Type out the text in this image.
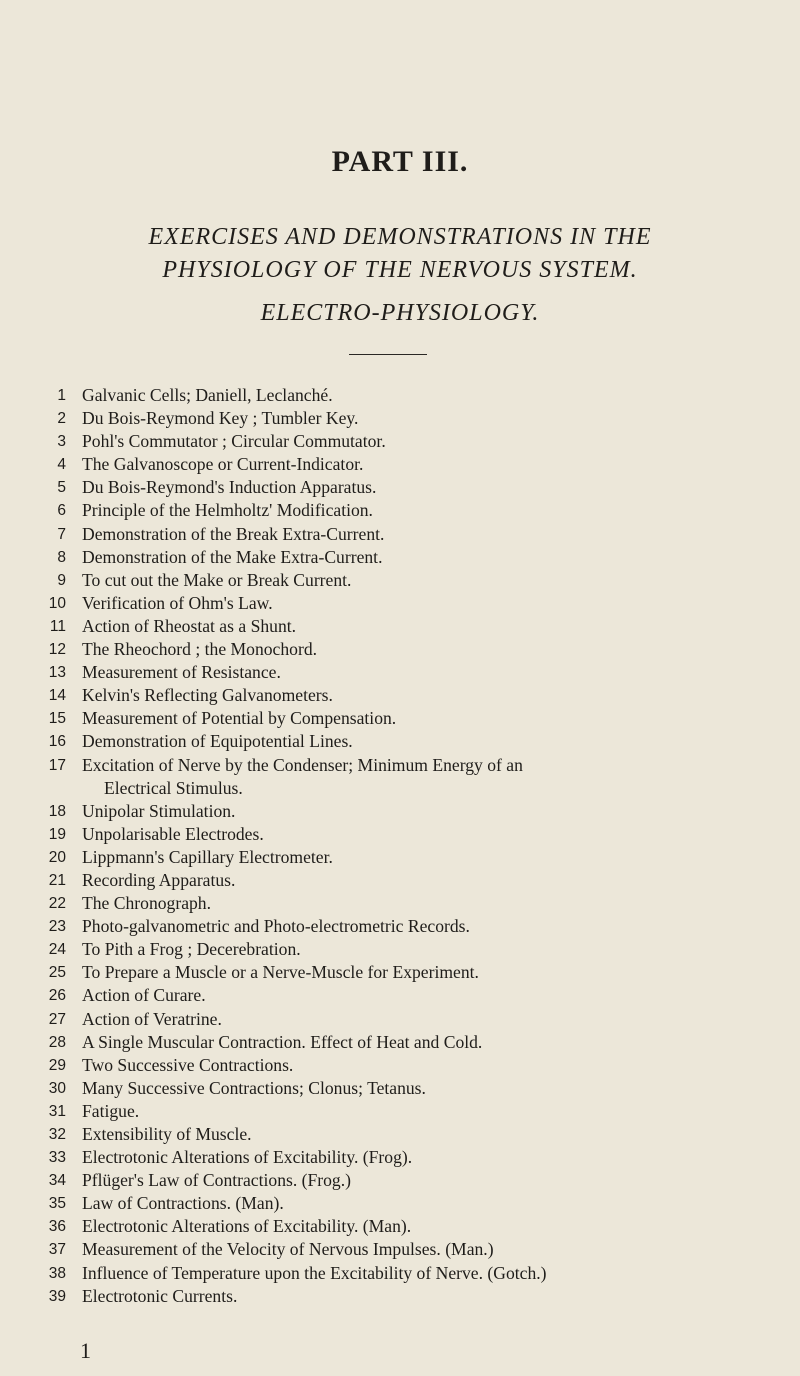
PART III.
EXERCISES AND DEMONSTRATIONS IN THE
PHYSIOLOGY OF THE NERVOUS SYSTEM.
ELECTRO-PHYSIOLOGY.
1 Galvanic Cells; Daniell, Leclanché.
2 Du Bois-Reymond Key ; Tumbler Key.
3 Pohl's Commutator ; Circular Commutator.
4 The Galvanoscope or Current-Indicator.
5 Du Bois-Reymond's Induction Apparatus.
6 Principle of the Helmholtz' Modification.
7 Demonstration of the Break Extra-Current.
8 Demonstration of the Make Extra-Current.
9 To cut out the Make or Break Current.
10 Verification of Ohm's Law.
11 Action of Rheostat as a Shunt.
12 The Rheochord ; the Monochord.
13 Measurement of Resistance.
14 Kelvin's Reflecting Galvanometers.
15 Measurement of Potential by Compensation.
16 Demonstration of Equipotential Lines.
17 Excitation of Nerve by the Condenser; Minimum Energy of an
Electrical Stimulus.
18 Unipolar Stimulation.
19 Unpolarisable Electrodes.
20 Lippmann's Capillary Electrometer.
21 Recording Apparatus.
22 The Chronograph.
23 Photo-galvanometric and Photo-electrometric Records.
24 To Pith a Frog ; Decerebration.
25 To Prepare a Muscle or a Nerve-Muscle for Experiment.
26 Action of Curare.
27 Action of Veratrine.
28 A Single Muscular Contraction. Effect of Heat and Cold.
29 Two Successive Contractions.
30 Many Successive Contractions; Clonus; Tetanus.
31 Fatigue.
32 Extensibility of Muscle.
33 Electrotonic Alterations of Excitability. (Frog).
34 Pflüger's Law of Contractions. (Frog.)
35 Law of Contractions. (Man).
36 Electrotonic Alterations of Excitability. (Man).
37 Measurement of the Velocity of Nervous Impulses. (Man.)
38 Influence of Temperature upon the Excitability of Nerve. (Gotch.)
39 Electrotonic Currents.
1
